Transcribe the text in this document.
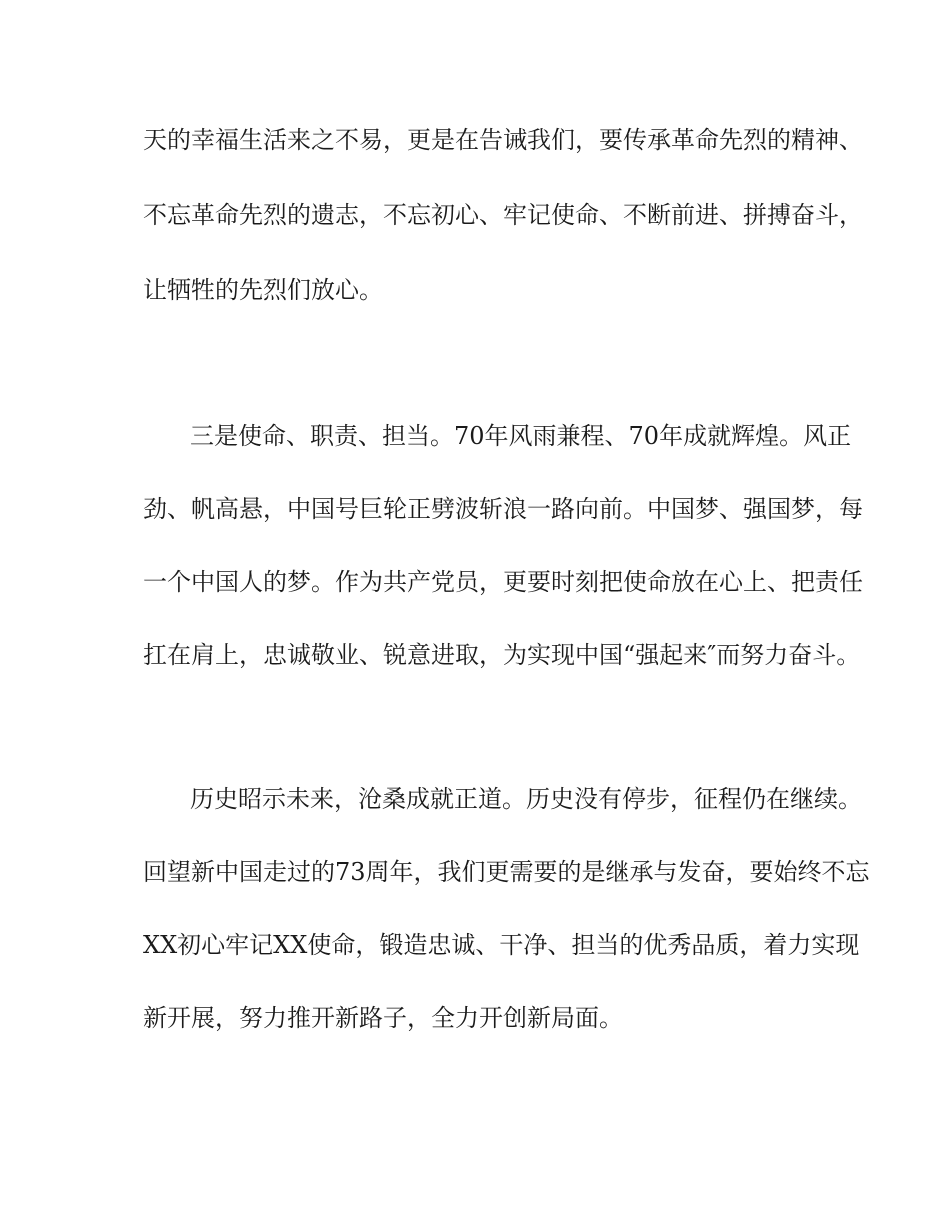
天的幸福生活来之不易，更是在告诫我们，要传承革命先烈的精神、
不忘革命先烈的遗志，不忘初心、牢记使命、不断前进、拼搏奋斗，
让牺牲的先烈们放心。
三是使命、职责、担当。70年风雨兼程、70年成就辉煌。风正
劲、帆高悬，中国号巨轮正劈波斩浪一路向前。中国梦、强国梦，每
一个中国人的梦。作为共产党员，更要时刻把使命放在心上、把责任
扛在肩上，忠诚敬业、锐意进取，为实现中国“强起来″而努力奋斗。
历史昭示未来，沧桑成就正道。历史没有停步，征程仍在继续。
回望新中国走过的73周年，我们更需要的是继承与发奋，要始终不忘
XX初心牢记XX使命，锻造忠诚、干净、担当的优秀品质，着力实现
新开展，努力推开新路子，全力开创新局面。
